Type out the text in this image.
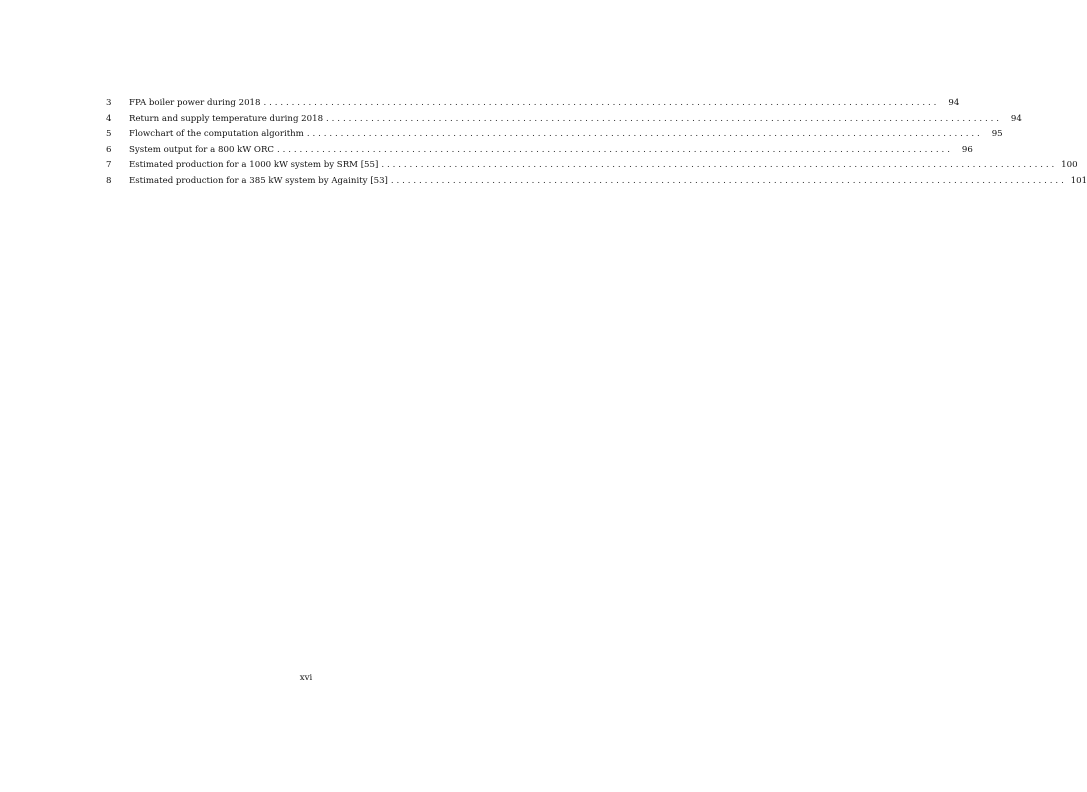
3 FPA boiler power during 2018 ........................................................................................................................	94
4 Return and supply temperature during 2018 ........................................................................................................................	94
5 Flowchart of the computation algorithm ........................................................................................................................	95
6 System output for a 800 kW ORC ........................................................................................................................	96
7 Estimated production for a 1000 kW system by SRM [55] ........................................................................................................................ 100
8 Estimated production for a 385 kW system by Againity [53] ........................................................................................................................ 101
xvi
